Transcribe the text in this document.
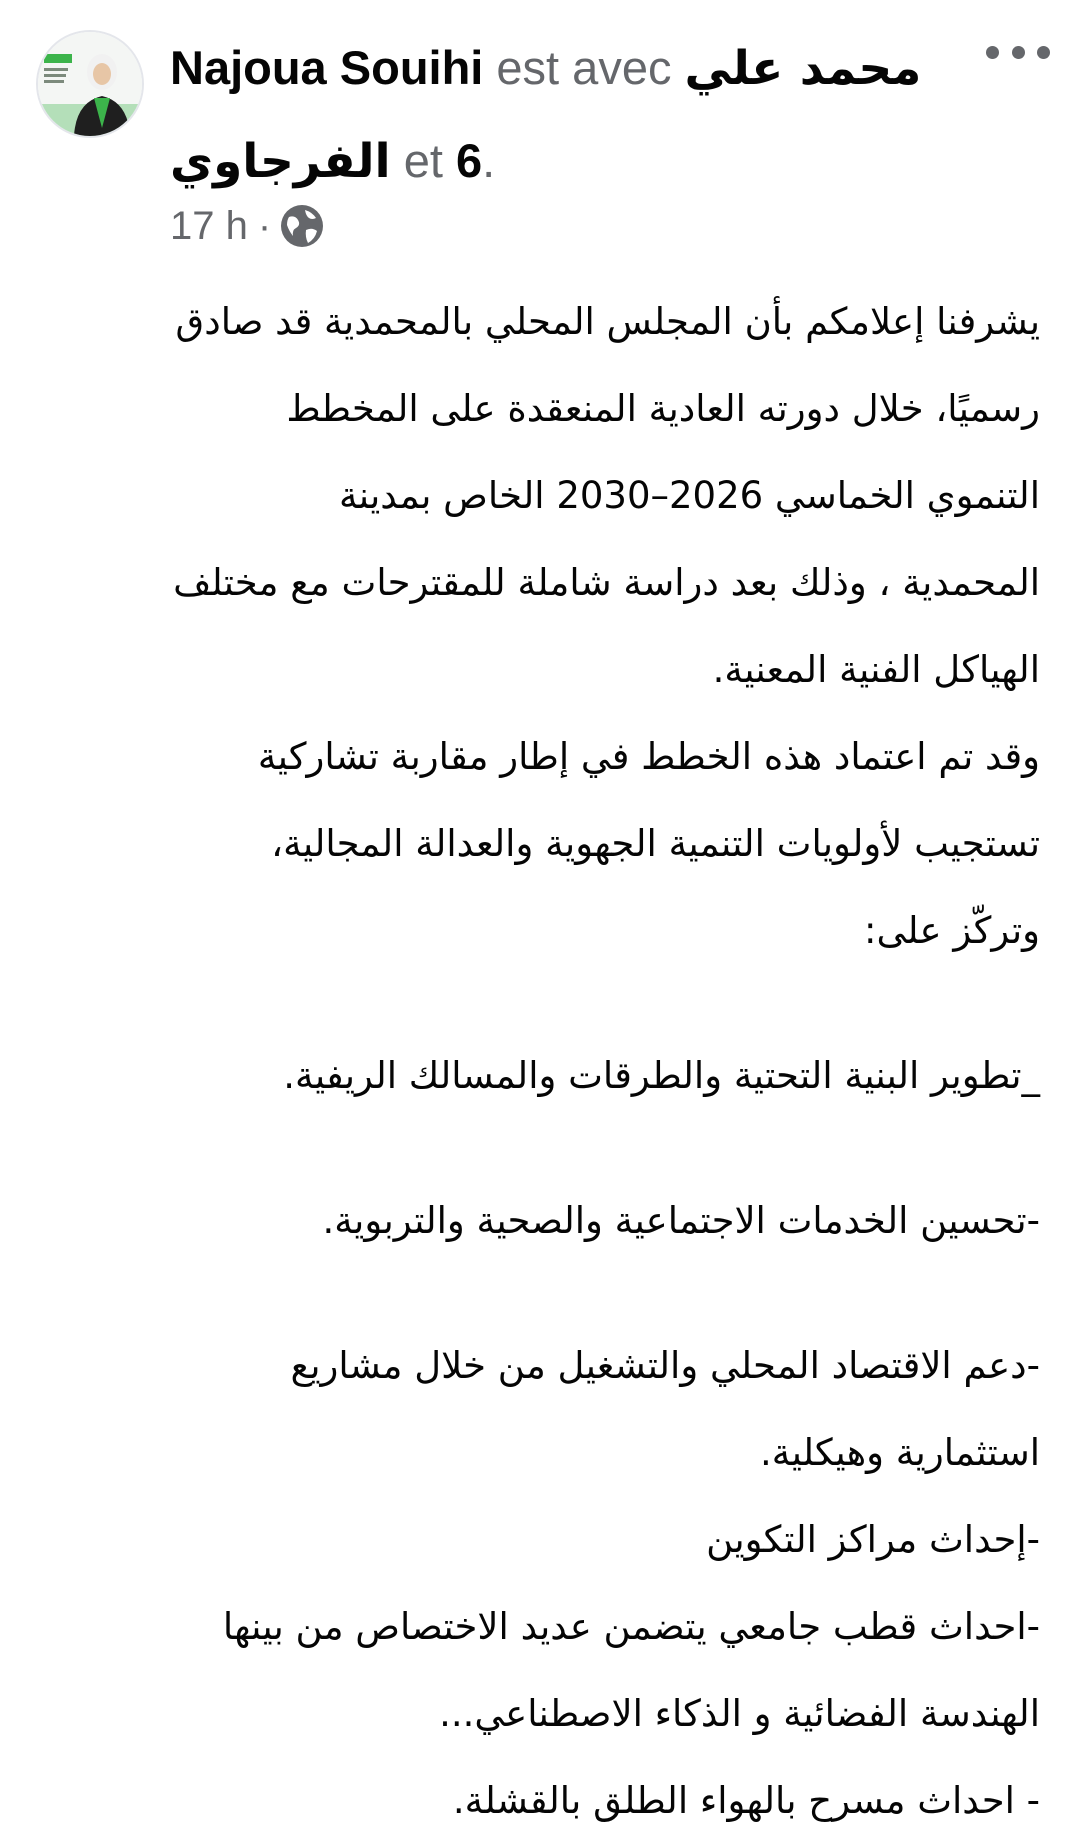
Najoua Souihi est avec محمد علي
الفرجاوي et 6.
17 h ·

يشرفنا إعلامكم بأن المجلس المحلي بالمحمدية قد صادق

رسميًا، خلال دورته العادية المنعقدة على المخطط

التنموي الخماسي 2026–2030 الخاص بمدينة

المحمدية ، وذلك بعد دراسة شاملة للمقترحات مع مختلف

الهياكل الفنية المعنية.

وقد تم اعتماد هذه الخطط في إطار مقاربة تشاركية

تستجيب لأولويات التنمية الجهوية والعدالة المجالية،

وتركّز على:

_تطوير البنية التحتية والطرقات والمسالك الريفية.

-تحسين الخدمات الاجتماعية والصحية والتربوية.

-دعم الاقتصاد المحلي والتشغيل من خلال مشاريع

استثمارية وهيكلية.

-إحداث مراكز التكوين

-احداث قطب جامعي يتضمن عديد الاختصاص من بينها

الهندسة الفضائية و الذكاء الاصطناعي...

- احداث مسرح بالهواء الطلق بالقشلة.
